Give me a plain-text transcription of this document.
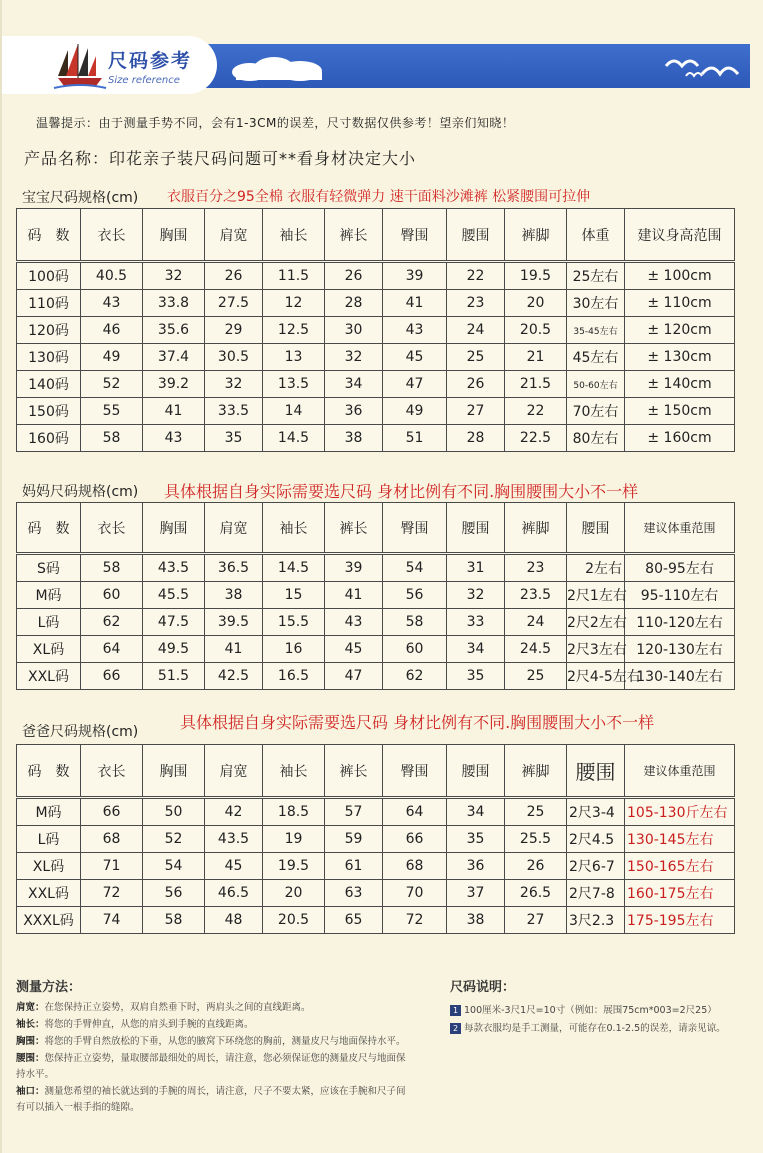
尺码参考
Size reference
温馨提示：由于测量手势不同，会有1-3CM的误差，尺寸数据仅供参考！望亲们知晓！
产品名称：印花亲子装尺码问题可**看身材决定大小
宝宝尺码规格(cm) 衣服百分之95全棉 衣服有轻微弹力 速干面料沙滩裤 松紧腰围可拉伸
码　数	衣长	胸围	肩宽	袖长	裤长	臀围	腰围	裤脚	体重	建议身高范围

100码	40.5	32	26	11.5	26	39	22	19.5	25左右	± 100cm
110码	43	33.8	27.5	12	28	41	23	20	30左右	± 110cm
120码	46	35.6	29	12.5	30	43	24	20.5	35-45左右	± 120cm
130码	49	37.4	30.5	13	32	45	25	21	45左右	± 130cm
140码	52	39.2	32	13.5	34	47	26	21.5	50-60左右	± 140cm
150码	55	41	33.5	14	36	49	27	22	70左右	± 150cm
160码	58	43	35	14.5	38	51	28	22.5	80左右	± 160cm
妈妈尺码规格(cm) 具体根据自身实际需要选尺码 身材比例有不同.胸围腰围大小不一样
码　数	衣长	胸围	肩宽	袖长	裤长	臀围	腰围	裤脚	腰围	建议体重范围

S码	58	43.5	36.5	14.5	39	54	31	23	2左右	80-95左右
M码	60	45.5	38	15	41	56	32	23.5	2尺1左右	95-110左右
L码	62	47.5	39.5	15.5	43	58	33	24	2尺2左右	110-120左右
XL码	64	49.5	41	16	45	60	34	24.5	2尺3左右	120-130左右
XXL码	66	51.5	42.5	16.5	47	62	35	25	2尺4-5左右	130-140左右
爸爸尺码规格(cm)	具体根据自身实际需要选尺码 身材比例有不同.胸围腰围大小不一样
码　数	衣长	胸围	肩宽	袖长	裤长	臀围	腰围	裤脚	腰围	建议体重范围

M码	66	50	42	18.5	57	64	34	25	2尺3-4	105-130斤左右
L码	68	52	43.5	19	59	66	35	25.5	2尺4.5	130-145左右
XL码	71	54	45	19.5	61	68	36	26	2尺6-7	150-165左右
XXL码	72	56	46.5	20	63	70	37	26.5	2尺7-8	160-175左右
XXXL码	74	58	48	20.5	65	72	38	27	3尺2.3	175-195左右
测量方法：
肩宽：在您保持正立姿势，双肩自然垂下时，两肩头之间的直线距离。
袖长：将您的手臂伸直，从您的肩头到手腕的直线距离。
胸围：将您的手臂自然放松的下垂，从您的腋窝下环绕您的胸前，测量皮尺与地面保持水平。
腰围：您保持正立姿势，量取腰部最细处的周长，请注意，您必须保证您的测量皮尺与地面保持水平。
袖口：测量您希望的袖长就达到的手腕的周长，请注意，尺子不要太紧，应该在手腕和尺子间有可以插入一根手指的缝隙。
尺码说明：
1 100厘米-3尺1尺=10寸（例如：展围75cm*003=2尺25）
2 每款衣服均是手工测量，可能存在0.1-2.5的误差，请亲见谅。
